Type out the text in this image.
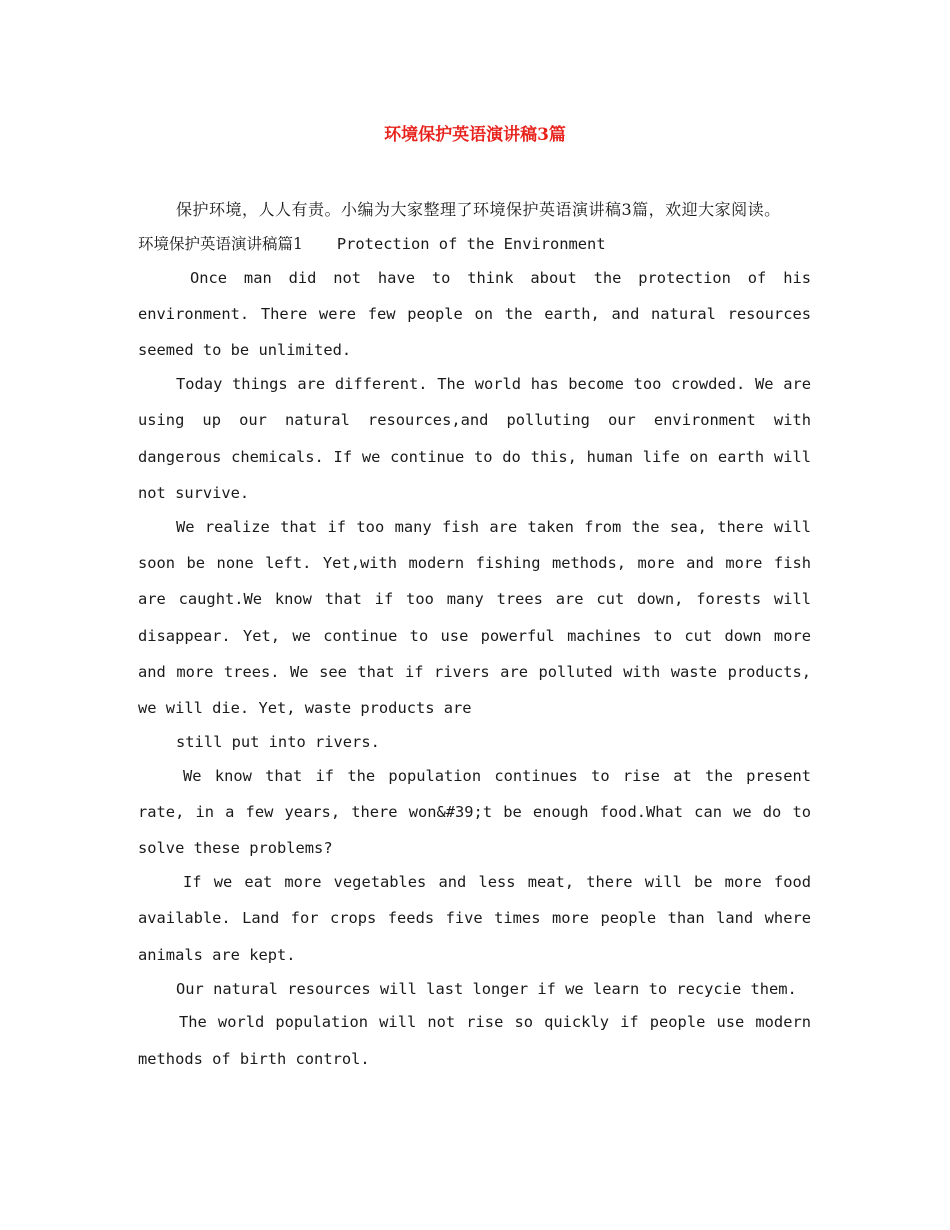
环境保护英语演讲稿3篇

保护环境，人人有责。小编为大家整理了环境保护英语演讲稿3篇，欢迎大家阅读。

环境保护英语演讲稿篇1 Protection of the Environment

Once man did not have to think about the protection of his environment. There were few people on the earth, and natural resources seemed to be unlimited.

Today things are different. The world has become too crowded. We are using up our natural resources,and polluting our environment with dangerous chemicals. If we continue to do this, human life on earth will not survive.

We realize that if too many fish are taken from the sea, there will soon be none left. Yet,with modern fishing methods, more and more fish are caught.We know that if too many trees are cut down, forests will disappear. Yet, we continue to use powerful machines to cut down more and more trees. We see that if rivers are polluted with waste products, we will die. Yet, waste products are

still put into rivers.

We know that if the population continues to rise at the present rate, in a few years, there won&#39;t be enough food.What can we do to solve these problems?

If we eat more vegetables and less meat, there will be more food available. Land for crops feeds five times more people than land where animals are kept.

Our natural resources will last longer if we learn to recycie them.

The world population will not rise so quickly if people use modern methods of birth control.
